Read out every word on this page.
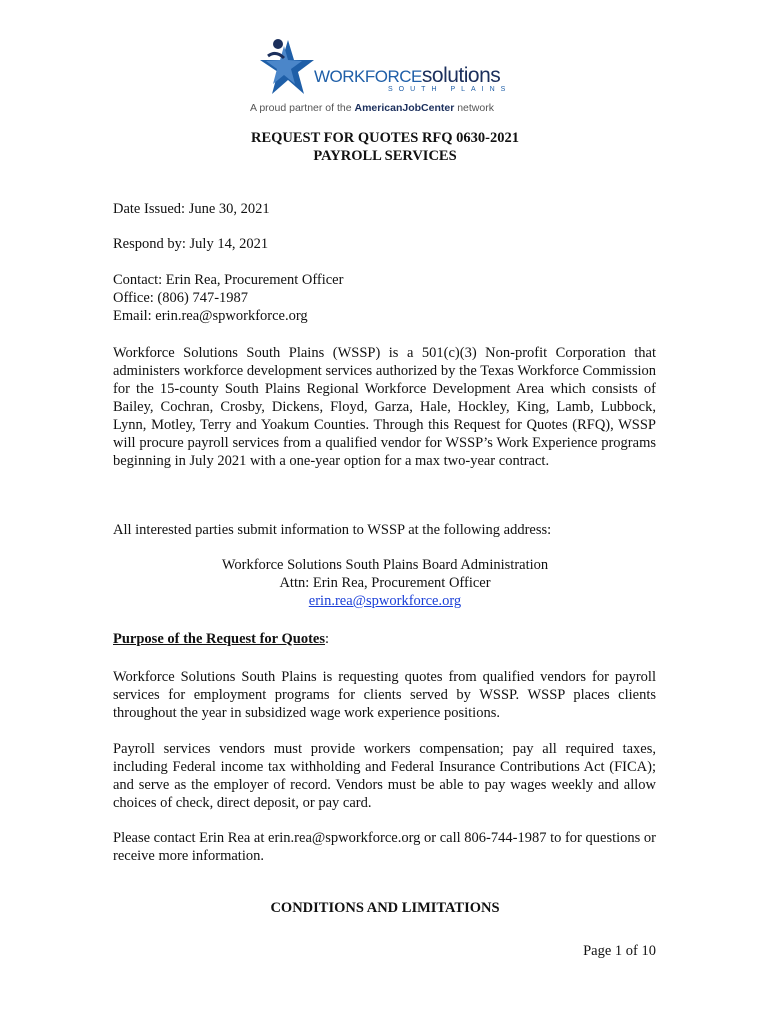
WORKFORCEsolutions
SOUTH PLAINS
A proud partner of the AmericanJobCenter network
REQUEST FOR QUOTES RFQ 0630-2021
PAYROLL SERVICES
Date Issued: June 30, 2021
Respond by: July 14, 2021
Contact: Erin Rea, Procurement Officer
Office: (806) 747-1987
Email: erin.rea@spworkforce.org
Workforce Solutions South Plains (WSSP) is a 501(c)(3) Non-profit Corporation that administers workforce development services authorized by the Texas Workforce Commission for the 15-county South Plains Regional Workforce Development Area which consists of Bailey, Cochran, Crosby, Dickens, Floyd, Garza, Hale, Hockley, King, Lamb, Lubbock, Lynn, Motley, Terry and Yoakum Counties. Through this Request for Quotes (RFQ), WSSP will procure payroll services from a qualified vendor for WSSP’s Work Experience programs beginning in July 2021 with a one-year option for a max two-year contract.
All interested parties submit information to WSSP at the following address:
Workforce Solutions South Plains Board Administration
Attn: Erin Rea, Procurement Officer
erin.rea@spworkforce.org
Purpose of the Request for Quotes:
Workforce Solutions South Plains is requesting quotes from qualified vendors for payroll services for employment programs for clients served by WSSP. WSSP places clients throughout the year in subsidized wage work experience positions.
Payroll services vendors must provide workers compensation; pay all required taxes, including Federal income tax withholding and Federal Insurance Contributions Act (FICA); and serve as the employer of record. Vendors must be able to pay wages weekly and allow choices of check, direct deposit, or pay card.
Please contact Erin Rea at erin.rea@spworkforce.org or call 806-744-1987 to for questions or receive more information.
CONDITIONS AND LIMITATIONS
Page 1 of 10
